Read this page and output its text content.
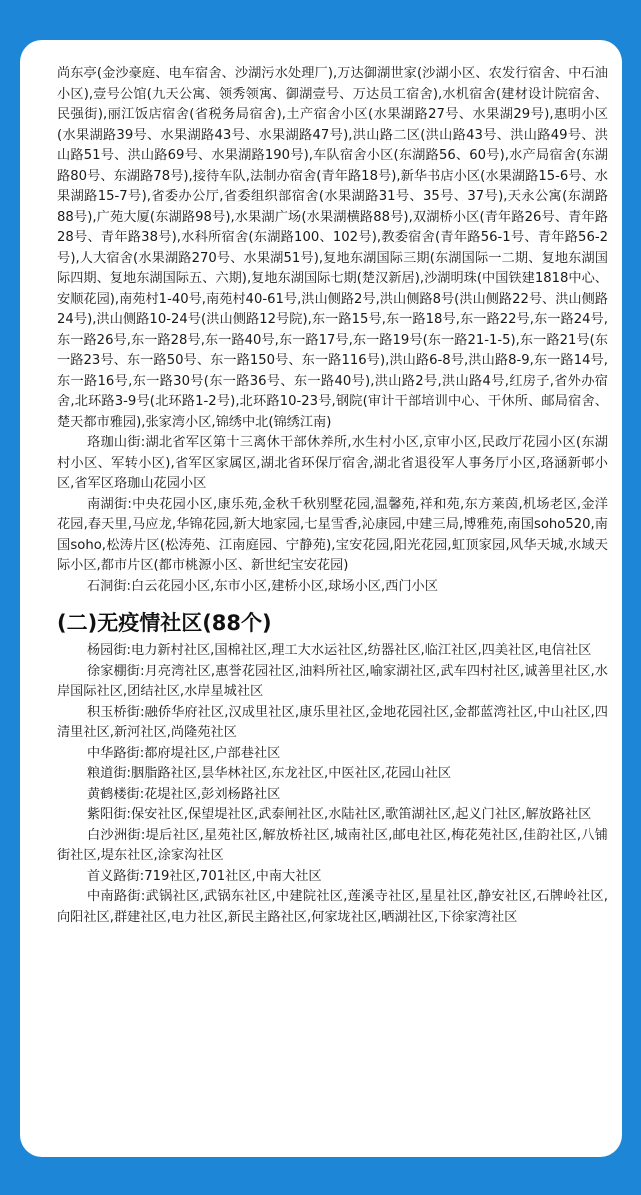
尚东亭(金沙豪庭、电车宿舍、沙湖污水处理厂),万达御湖世家(沙湖小区、农发行宿舍、中石油小区),壹号公馆(九天公寓、领秀领寓、御湖壹号、万达员工宿舍),水机宿舍(建材设计院宿舍、民强街),丽江饭店宿舍(省税务局宿舍),土产宿舍小区(水果湖路27号、水果湖29号),惠明小区(水果湖路39号、水果湖路43号、水果湖路47号),洪山路二区(洪山路43号、洪山路49号、洪山路51号、洪山路69号、水果湖路190号),车队宿舍小区(东湖路56、60号),水产局宿舍(东湖路80号、东湖路78号),接待车队,法制办宿舍(青年路18号),新华书店小区(水果湖路15-6号、水果湖路15-7号),省委办公厅,省委组织部宿舍(水果湖路31号、35号、37号),天永公寓(东湖路88号),广苑大厦(东湖路98号),水果湖广场(水果湖横路88号),双湖桥小区(青年路26号、青年路28号、青年路38号),水科所宿舍(东湖路100、102号),教委宿舍(青年路56-1号、青年路56-2号),人大宿舍(水果湖路270号、水果湖51号),复地东湖国际三期(东湖国际一二期、复地东湖国际四期、复地东湖国际五、六期),复地东湖国际七期(楚汉新居),沙湖明珠(中国铁建1818中心、安顺花园),南苑村1-40号,南苑村40-61号,洪山侧路2号,洪山侧路8号(洪山侧路22号、洪山侧路24号),洪山侧路10-24号(洪山侧路12号院),东一路15号,东一路18号,东一路22号,东一路24号,东一路26号,东一路28号,东一路40号,东一路17号,东一路19号(东一路21-1-5),东一路21号(东一路23号、东一路50号、东一路150号、东一路116号),洪山路6-8号,洪山路8-9,东一路14号,东一路16号,东一路30号(东一路36号、东一路40号),洪山路2号,洪山路4号,红房子,省外办宿舍,北环路3-9号(北环路1-2号),北环路10-23号,钢院(审计干部培训中心、干休所、邮局宿舍、楚天都市雅园),张家湾小区,锦绣中北(锦绣江南)

珞珈山街:湖北省军区第十三离休干部休养所,水生村小区,京审小区,民政厅花园小区(东湖村小区、军转小区),省军区家属区,湖北省环保厅宿舍,湖北省退役军人事务厅小区,珞涵新邨小区,省军区珞珈山花园小区

南湖街:中央花园小区,康乐苑,金秋千秋别墅花园,温馨苑,祥和苑,东方莱茵,机场老区,金洋花园,春天里,马应龙,华锦花园,新大地家园,七星雪香,沁康园,中建三局,博雅苑,南国soho520,南国soho,松涛片区(松涛苑、江南庭园、宁静苑),宝安花园,阳光花园,虹顶家园,风华天城,水域天际小区,都市片区(都市桃源小区、新世纪宝安花园)

石洞街:白云花园小区,东市小区,建桥小区,球场小区,西门小区

(二)无疫情社区(88个)

杨园街:电力新村社区,国棉社区,理工大水运社区,纺器社区,临江社区,四美社区,电信社区

徐家棚街:月亮湾社区,惠誉花园社区,油料所社区,喻家湖社区,武车四村社区,诚善里社区,水岸国际社区,团结社区,水岸星城社区

积玉桥街:融侨华府社区,汉成里社区,康乐里社区,金地花园社区,金都蓝湾社区,中山社区,四清里社区,新河社区,尚隆苑社区

中华路街:都府堤社区,户部巷社区

粮道街:胭脂路社区,昙华林社区,东龙社区,中医社区,花园山社区

黄鹤楼街:花堤社区,彭刘杨路社区

紫阳街:保安社区,保望堤社区,武泰闸社区,水陆社区,歌笛湖社区,起义门社区,解放路社区

白沙洲街:堤后社区,星苑社区,解放桥社区,城南社区,邮电社区,梅花苑社区,佳韵社区,八铺街社区,堤东社区,涂家沟社区

首义路街:719社区,701社区,中南大社区

中南路街:武锅社区,武锅东社区,中建院社区,莲溪寺社区,星星社区,静安社区,石牌岭社区,向阳社区,群建社区,电力社区,新民主路社区,何家垅社区,晒湖社区,下徐家湾社区
